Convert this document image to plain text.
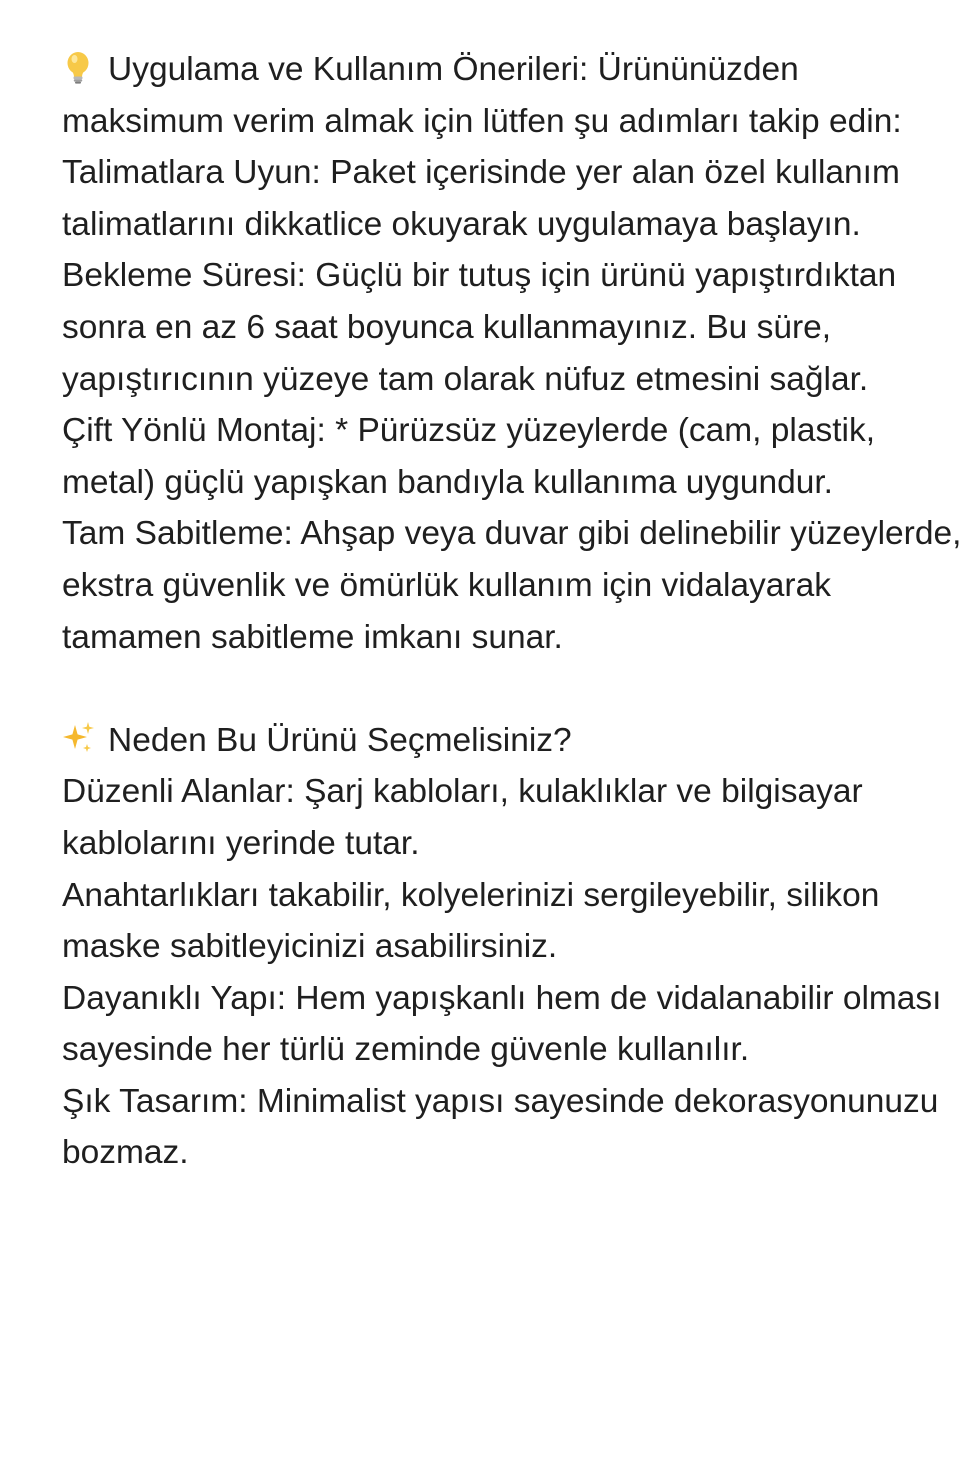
Uygulama ve Kullanım Önerileri: Ürününüzden maksimum verim almak için lütfen şu adımları takip edin:

Talimatlara Uyun: Paket içerisinde yer alan özel kullanım talimatlarını dikkatlice okuyarak uygulamaya başlayın.

Bekleme Süresi: Güçlü bir tutuş için ürünü yapıştırdıktan sonra en az 6 saat boyunca kullanmayınız. Bu süre, yapıştırıcının yüzeye tam olarak nüfuz etmesini sağlar.

Çift Yönlü Montaj: * Pürüzsüz yüzeylerde (cam, plastik, metal) güçlü yapışkan bandıyla kullanıma uygundur.

Tam Sabitleme: Ahşap veya duvar gibi delinebilir yüzeylerde, ekstra güvenlik ve ömürlük kullanım için vidalayarak tamamen sabitleme imkanı sunar.

Neden Bu Ürünü Seçmelisiniz?

Düzenli Alanlar: Şarj kabloları, kulaklıklar ve bilgisayar kablolarını yerinde tutar.

Anahtarlıkları takabilir, kolyelerinizi sergileyebilir, silikon maske sabitleyicinizi asabilirsiniz.

Dayanıklı Yapı: Hem yapışkanlı hem de vidalanabilir olması sayesinde her türlü zeminde güvenle kullanılır.

Şık Tasarım: Minimalist yapısı sayesinde dekorasyonunuzu bozmaz.
